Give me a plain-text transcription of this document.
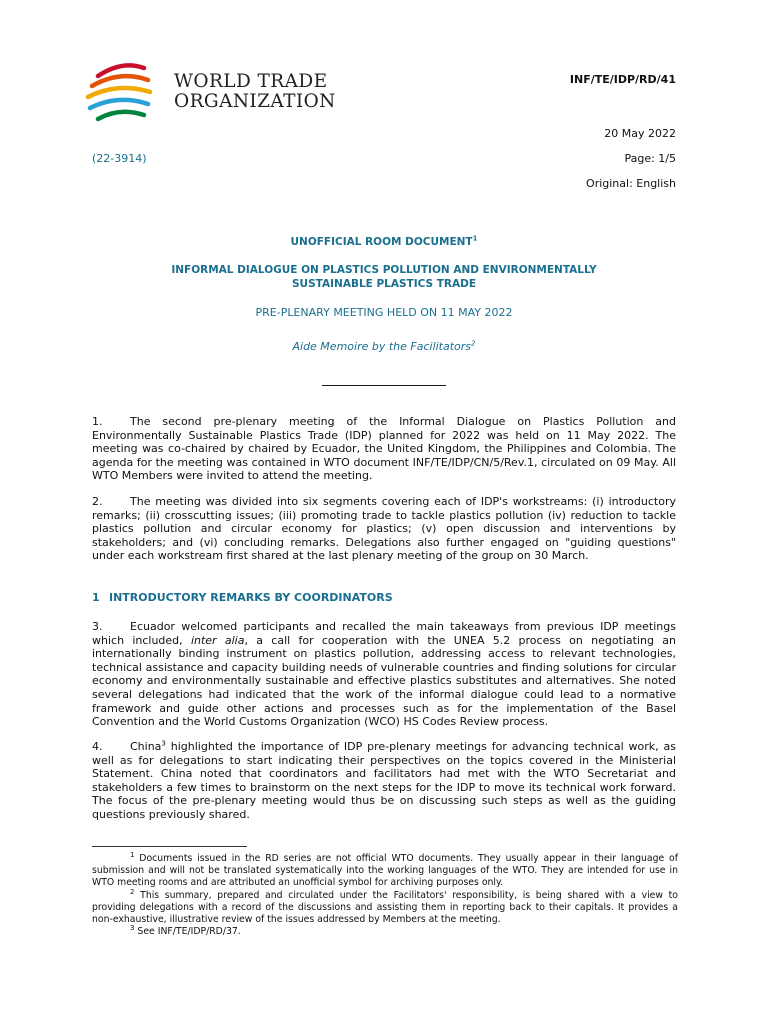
WORLD TRADE
ORGANIZATION
INF/TE/IDP/RD/41
20 May 2022
(22-3914)	Page: 1/5
Original: English
UNOFFICIAL ROOM DOCUMENT$^1$
INFORMAL DIALOGUE ON PLASTICS POLLUTION AND ENVIRONMENTALLY
SUSTAINABLE PLASTICS TRADE
PRE-PLENARY MEETING HELD ON 11 MAY 2022
Aide Memoire by the Facilitators$^2$
1.	The second pre-plenary meeting of the Informal Dialogue on Plastics Pollution and Environmentally Sustainable Plastics Trade (IDP) planned for 2022 was held on 11 May 2022. The meeting was co-chaired by chaired by Ecuador, the United Kingdom, the Philippines and Colombia. The agenda for the meeting was contained in WTO document INF/TE/IDP/CN/5/Rev.1, circulated on 09 May. All WTO Members were invited to attend the meeting.
2.	The meeting was divided into six segments covering each of IDP's workstreams: (i) introductory remarks; (ii) crosscutting issues; (iii) promoting trade to tackle plastics pollution (iv) reduction to tackle plastics pollution and circular economy for plastics; (v) open discussion and interventions by stakeholders; and (vi) concluding remarks. Delegations also further engaged on "guiding questions" under each workstream first shared at the last plenary meeting of the group on 30 March.
1 INTRODUCTORY REMARKS BY COORDINATORS
3.	Ecuador welcomed participants and recalled the main takeaways from previous IDP meetings which included, inter alia, a call for cooperation with the UNEA 5.2 process on negotiating an internationally binding instrument on plastics pollution, addressing access to relevant technologies, technical assistance and capacity building needs of vulnerable countries and finding solutions for circular economy and environmentally sustainable and effective plastics substitutes and alternatives. She noted several delegations had indicated that the work of the informal dialogue could lead to a normative framework and guide other actions and processes such as for the implementation of the Basel Convention and the World Customs Organization (WCO) HS Codes Review process.
4.	China$^3$ highlighted the importance of IDP pre-plenary meetings for advancing technical work, as well as for delegations to start indicating their perspectives on the topics covered in the Ministerial Statement. China noted that coordinators and facilitators had met with the WTO Secretariat and stakeholders a few times to brainstorm on the next steps for the IDP to move its technical work forward. The focus of the pre-plenary meeting would thus be on discussing such steps as well as the guiding questions previously shared.

$^1$ Documents issued in the RD series are not official WTO documents. They usually appear in their language of submission and will not be translated systematically into the working languages of the WTO. They are intended for use in WTO meeting rooms and are attributed an unofficial symbol for archiving purposes only.

$^2$ This summary, prepared and circulated under the Facilitators' responsibility, is being shared with a view to providing delegations with a record of the discussions and assisting them in reporting back to their capitals. It provides a non-exhaustive, illustrative review of the issues addressed by Members at the meeting.

$^3$ See INF/TE/IDP/RD/37.
